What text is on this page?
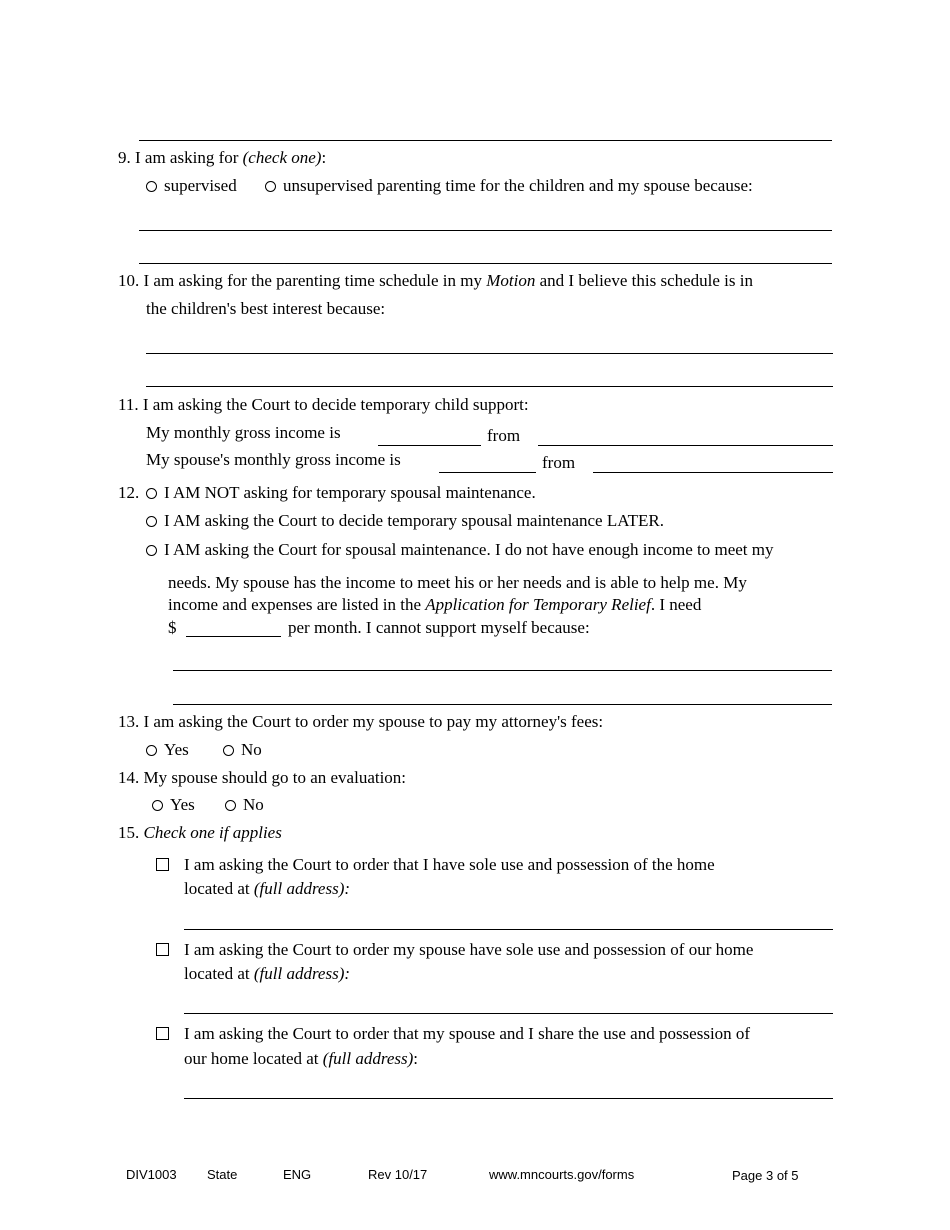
9. I am asking for (check one):
supervised	unsupervised parenting time for the children and my spouse because:
10. I am asking for the parenting time schedule in my Motion and I believe this schedule is in
the children's best interest because:
11. I am asking the Court to decide temporary child support:
My monthly gross income is	from
My spouse's monthly gross income is	from
12.	I AM NOT asking for temporary spousal maintenance.
I AM asking the Court to decide temporary spousal maintenance LATER.
I AM asking the Court for spousal maintenance. I do not have enough income to meet my
needs. My spouse has the income to meet his or her needs and is able to help me. My
income and expenses are listed in the Application for Temporary Relief. I need
$	per month. I cannot support myself because:
13. I am asking the Court to order my spouse to pay my attorney's fees:
Yes	No
14. My spouse should go to an evaluation:
Yes	No
15. Check one if applies
I am asking the Court to order that I have sole use and possession of the home
located at (full address):
I am asking the Court to order my spouse have sole use and possession of our home
located at (full address):
I am asking the Court to order that my spouse and I share the use and possession of
our home located at (full address):
DIV1003 State	ENG	Rev 10/17	www.mncourts.gov/forms	Page 3 of 5
